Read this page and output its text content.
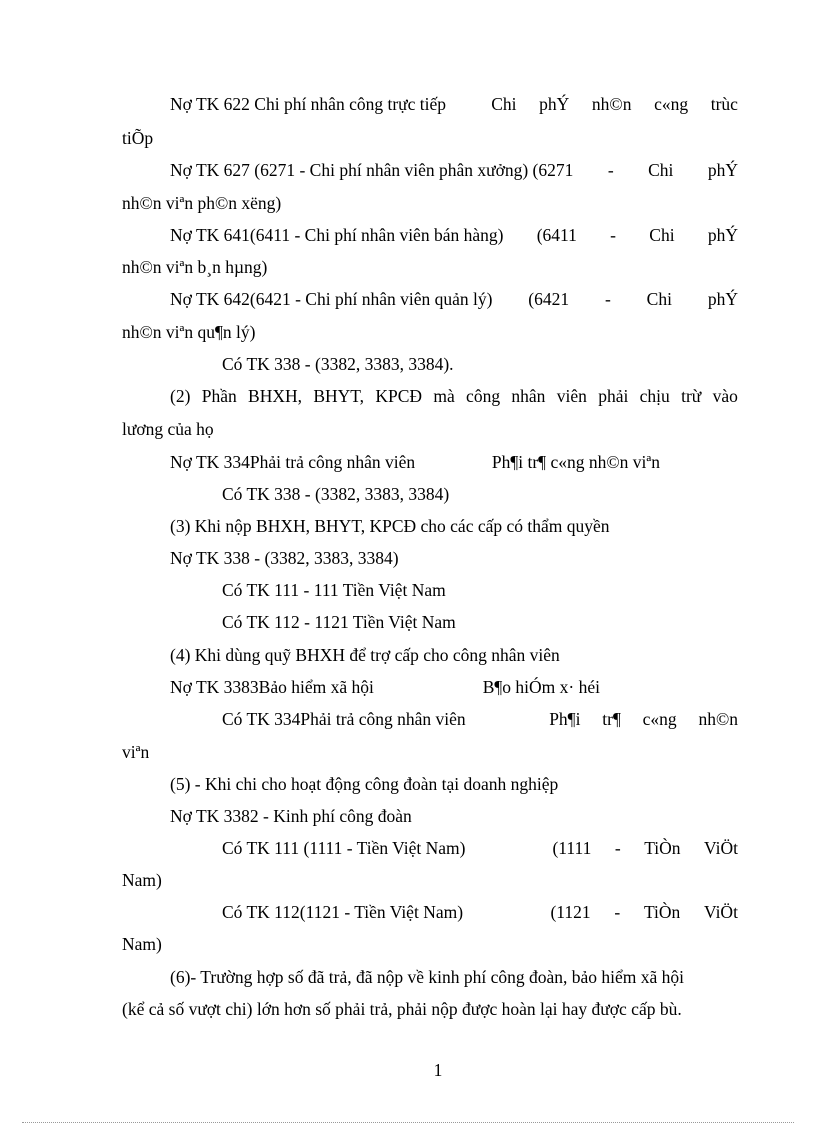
Nợ TK 622 Chi phí nhân công trực tiếp	Chi phÝ nh©n c«ng trùc
tiÕp
Nợ TK 627 (6271 - Chi phí nhân viên phân xưởng) (6271 - Chi phÝ
nh©n viªn ph©n xëng)
Nợ TK 641(6411 - Chi phí nhân viên bán hàng) (6411 - Chi phÝ
nh©n viªn b¸n hµng)
Nợ TK 642(6421 - Chi phí nhân viên quản lý) (6421 - Chi phÝ
nh©n viªn qu¶n lý)
Có TK 338 - (3382, 3383, 3384).
(2) Phần BHXH, BHYT, KPCĐ mà công nhân viên phải chịu trừ vào
lương của họ
Nợ TK 334Phải trả công nhân viên	Ph¶i tr¶ c«ng nh©n viªn
Có TK 338 - (3382, 3383, 3384)
(3) Khi nộp BHXH, BHYT, KPCĐ cho các cấp có thẩm quyền
Nợ TK 338 - (3382, 3383, 3384)
Có TK 111 - 111 Tiền Việt Nam
Có TK 112 - 1121 Tiền Việt Nam
(4) Khi dùng quỹ BHXH để trợ cấp cho công nhân viên
Nợ TK 3383Bảo hiểm xã hội	B¶o hiÓm x· héi
Có TK 334Phải trả công nhân viên	Ph¶i tr¶ c«ng nh©n
viªn
(5) - Khi chi cho hoạt động công đoàn tại doanh nghiệp
Nợ TK 3382 - Kinh phí công đoàn
Có TK 111 (1111 - Tiền Việt Nam)	(1111 - TiÒn ViÖt
Nam)
Có TK 112(1121 - Tiền Việt Nam)	(1121 - TiÒn ViÖt
Nam)
(6)- Trường hợp số đã trả, đã nộp về kinh phí công đoàn, bảo hiểm xã hội
(kể cả số vượt chi) lớn hơn số phải trả, phải nộp được hoàn lại hay được cấp bù.
1
